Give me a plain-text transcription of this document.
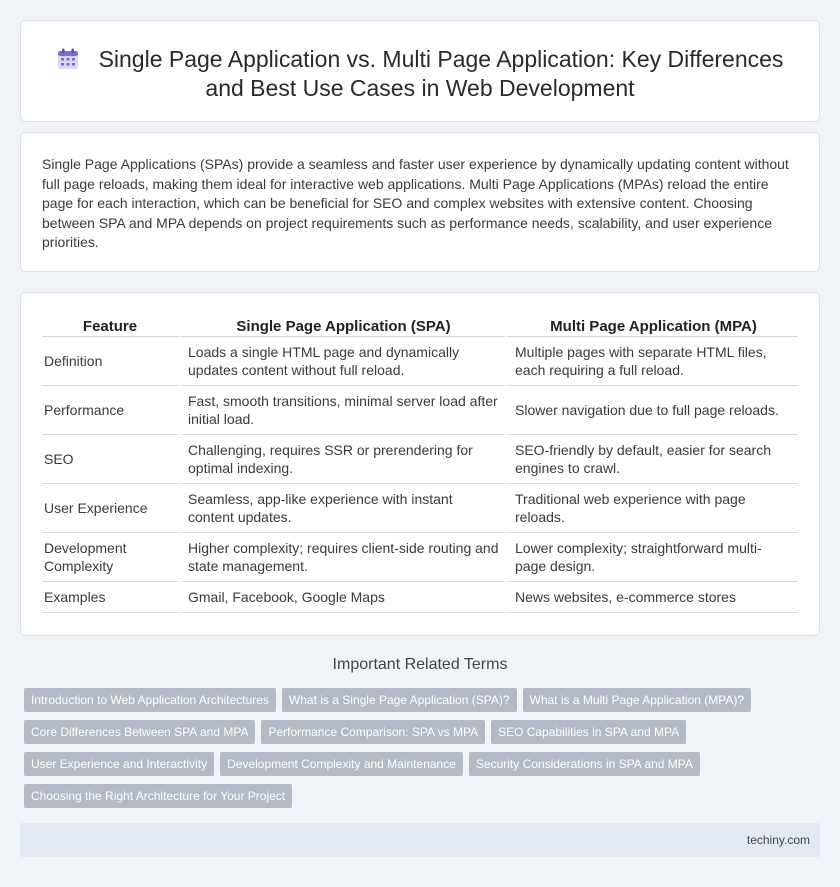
Single Page Application vs. Multi Page Application: Key Differences and Best Use Cases in Web Development

Single Page Applications (SPAs) provide a seamless and faster user experience by dynamically updating content without full page reloads, making them ideal for interactive web applications. Multi Page Applications (MPAs) reload the entire page for each interaction, which can be beneficial for SEO and complex websites with extensive content. Choosing between SPA and MPA depends on project requirements such as performance needs, scalability, and user experience priorities.

Feature	Single Page Application (SPA)	Multi Page Application (MPA)
Definition	Loads a single HTML page and dynamically updates content without full reload.	Multiple pages with separate HTML files, each requiring a full reload.
Performance	Fast, smooth transitions, minimal server load after initial load.	Slower navigation due to full page reloads.
SEO	Challenging, requires SSR or prerendering for optimal indexing.	SEO-friendly by default, easier for search engines to crawl.
User Experience	Seamless, app-like experience with instant content updates.	Traditional web experience with page reloads.
Development Complexity	Higher complexity; requires client-side routing and state management.	Lower complexity; straightforward multi-page design.
Examples	Gmail, Facebook, Google Maps	News websites, e-commerce stores
Important Related Terms
Introduction to Web Application Architectures What is a Single Page Application (SPA)? What is a Multi Page Application (MPA)?
Core Differences Between SPA and MPA Performance Comparison: SPA vs MPA SEO Capabilities in SPA and MPA
User Experience and Interactivity Development Complexity and Maintenance Security Considerations in SPA and MPA
Choosing the Right Architecture for Your Project
techiny.com
